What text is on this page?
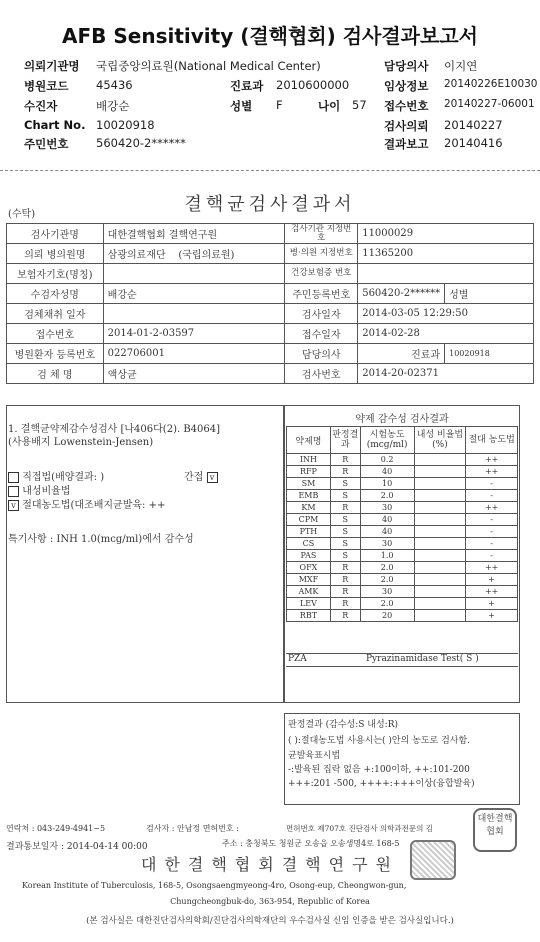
AFB Sensitivity (결핵협회) 검사결과보고서
의뢰기관명 국립중앙의료원(National Medical Center)
병원코드 45436	진료과 2010600000
수진자	배강순	성별 F	나이 57
Chart No. 10020918
주민번호 560420-2******
담당의사 이지연
임상정보 20140226E10030
접수번호 20140227-06001
검사의뢰 20140227
결과보고 20140416
(수탁)	결핵균검사결과서
검사기관명	대한결핵협회 결핵연구원	검사기관 지정번호	11000029	
의뢰 병의원명	삼광의료재단 (국립의료원)	병·의원 지정번호	11365200	
보험자기호(명칭)		건강보험증 번호		
수검자성명	배강순	주민등록번호	560420-2******	성별
검체채취 일자		검사일자	2014-03-05 12:29:50	
접수번호	2014-01-2-03597	접수일자	2014-02-28	
병원환자 등록번호	022706001	담당의사	진료과	10020918
검 체 명	액상균	검사번호	2014-20-02371	
1. 결핵균약제감수성검사 [나406다(2). B4064]
(사용배지 Lowenstein-Jensen)
직접법(배양결과: )	간접 v
내성비율법
v 절대농도법(대조배지균발육: ++
특기사항 : INH 1.0(mcg/ml)에서 감수성
약제 감수성 검사결과
약제명	판정결과	시험농도 (mcg/ml)	내성 비율법(%)	절대 농도법
INH	R	0.2		++
RFP	R	40		++
SM	S	10		-
EMB	S	2.0		-
KM	R	30		++
CPM	S	40		-
PTH	S	40		-
CS	S	30		-
PAS	S	1.0		-
OFX	R	2.0		++
MXF	R	2.0		+
AMK	R	30		++
LEV	R	2.0		+
RBT	R	20		+
PZA	Pyrazinamidase Test( S )
판정결과 (감수성:S 내성:R)
( ):절대농도법 사용시는( )안의 농도로 검사함.
균발육표시법
-:발육된 집락 없음 +:100이하, ++:101-200
+++:201 -500, ++++:+++이상(융합발육)
연락처 : 043-249-4941~5	검사자 : 안남정 면허번호 :	면허번호 제707호 진단검사 의학과전문의 김
결과통보일자 : 2014-04-14 00:00	주소 : 충청북도 청원군 오송읍 오송생명4로 168-5
대한결핵협회결핵연구원
Korean Institute of Tuberculosis, 168-5, Osongsaengmyeong-4ro, Osong-eup, Cheongwon-gun,
Chungcheongbuk-do, 363-954, Republic of Korea
(본 검사실은 대한진단검사의학회/진단검사의학재단의 우수검사실 신임 인증을 받은 검사실입니다.)
대한결핵협회
